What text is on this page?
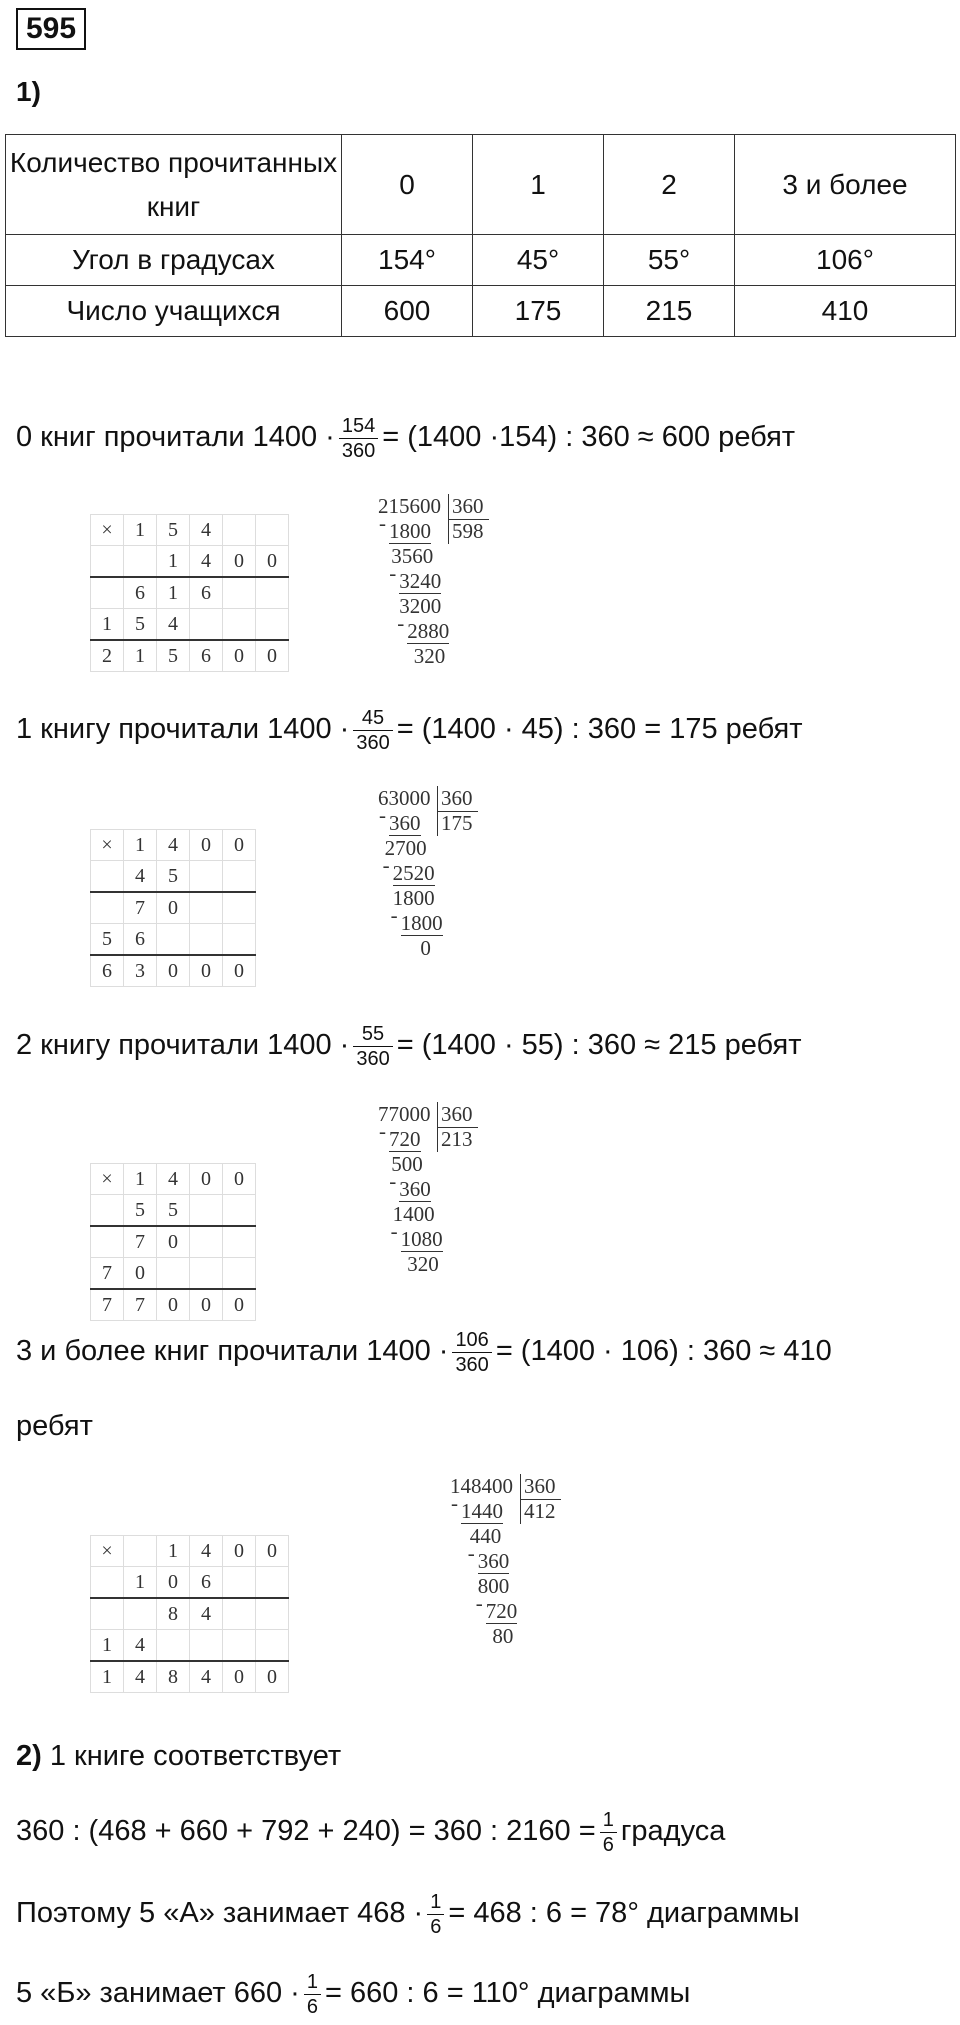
595
1)
Количество прочитанных книг	0	1	2	3 и более
Угол в градусах	154°	45°	55°	106°
Число учащихся	600	175	215	410
0 книг прочитали $1400 \cdot \frac{154}{360} = (1400 \cdot 154)$ : 360 ≈ 600 ребят
1 книгу прочитали $1400 \cdot \frac{45}{360} = (1400 \cdot 45)$ : 360 = 175 ребят
2 книгу прочитали $1400 \cdot \frac{55}{360} = (1400 \cdot 55)$ : 360 ≈ 215 ребят
3 и более книг прочитали $1400 \cdot \frac{106}{360} = (1400 \cdot 106)$ : 360 ≈ 410
ребят
2) 1 книге соответствует
360 : (468 + 660 + 792 + 240) = 360 : $2160 = \frac{1}{6}$ градуса
Поэтому 5 «А» занимает $468 \cdot \frac{1}{6} = 468$ : 6 = 78° диаграммы
5 «Б» занимает $660 \cdot \frac{1}{6} = 660$ : 6 = 110° диаграммы
×	1	5	4		
		1	4	0	0
	6	1	6		
1	5	4			
2	1	5	6	0	0
×	1	4	0	0
	4	5		
	7	0		
5	6			
6	3	0	0	0
×	1	4	0	0
	5	5		
	7	0		
7	0			
7	7	0	0	0
×		1	4	0	0
	1	0	6		
		8	4		
1	4				
1	4	8	4	0	0
215600 360
598
- 1800
3560
- 3240
3200
- 2880
320
63000 360
175
- 360
2700
- 2520
1800
- 1800
0
77000 360
213
- 720
500
- 360
1400
- 1080
320
148400 360
412
- 1440
440
- 360
800
- 720
80
